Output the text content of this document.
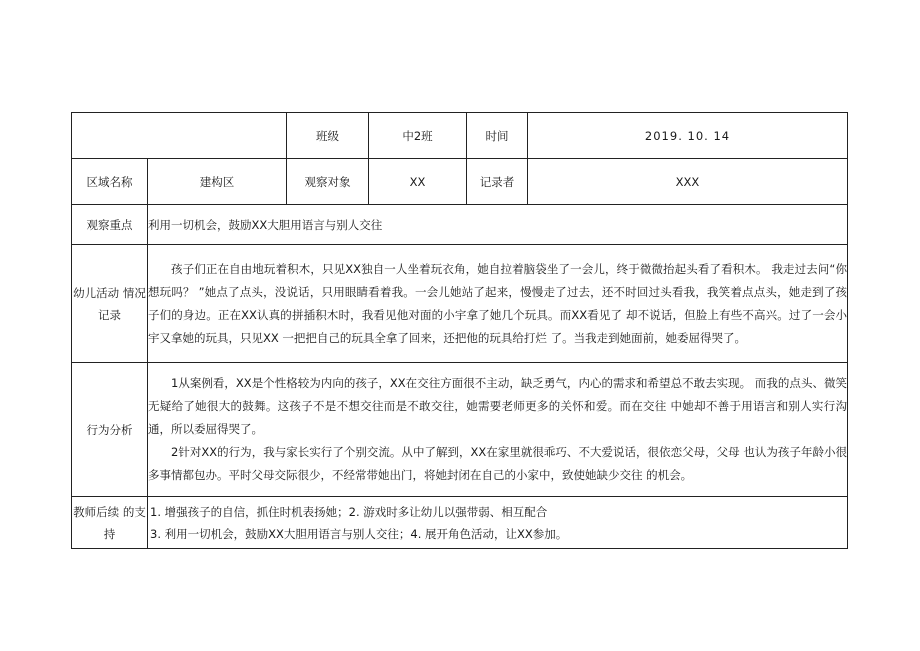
		班级	中2班	时间	2019. 10. 14
区域名称	建构区	观察对象	XX	记录者	XXX
观察重点	利用一切机会，鼓励XX大胆用语言与别人交往				
幼儿活动 情况记录	孩子们正在自由地玩着积木，只见XX独自一人坐着玩衣角，她自拉着脑袋坐了一会儿，终于微微抬起头看了看积木。 我走过去问“你想玩吗？ ”她点了点头，没说话，只用眼睛看着我。一会儿她站了起来，慢慢走了过去，还不时回过头看我，我笑着点点头，她走到了孩子们的身边。正在XX认真的拼插积木时，我看见他对面的小宇拿了她几个玩具。而XX看见了 却不说话，但脸上有些不高兴。过了一会小宇又拿她的玩具，只见XX 一把把自己的玩具全拿了回来，还把他的玩具给打烂 了。当我走到她面前，她委屈得哭了。				

行为分析	1从案例看，XX是个性格较为内向的孩子，XX在交往方面很不主动，缺乏勇气，内心的需求和希望总不敢去实现。 而我的点头、微笑无疑给了她很大的鼓舞。这孩子不是不想交往而是不敢交往，她需要老师更多的关怀和爱。而在交往 中她却不善于用语言和别人实行沟通，所以委屈得哭了。

2针对XX的行为，我与家长实行了个别交流。从中了解到，XX在家里就很乖巧、不大爱说话，很依恋父母，父母 也认为孩子年龄小很多事情都包办。平时父母交际很少，不经常带她出门，将她封闭在自己的小家中，致使她缺少交往 的机会。				

教师后续 的支持	1. 增强孩子的自信，抓住时机表扬她；2. 游戏时多让幼儿以强带弱、相互配合
3. 利用一切机会，鼓励XX大胆用语言与别人交往；4. 展开角色活动，让XX参加。				
